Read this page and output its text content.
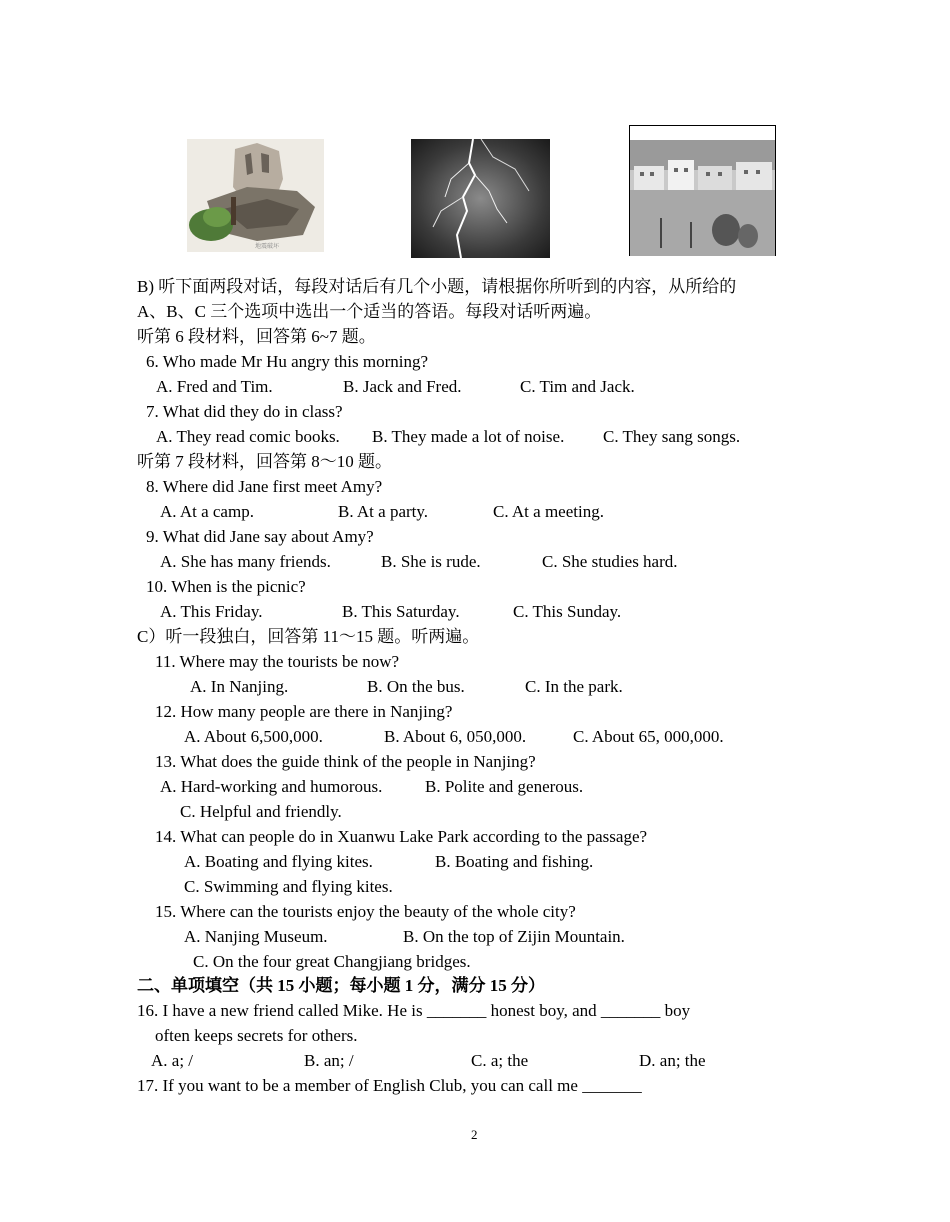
地震破坏
B) 听下面两段对话，每段对话后有几个小题，请根据你所听到的内容，从所给的
A、B、C 三个选项中选出一个适当的答语。每段对话听两遍。
听第 6 段材料，回答第 6~7 题。
6. Who made Mr Hu angry this morning?
A. Fred and Tim.	B. Jack and Fred.	C. Tim and Jack.
7. What did they do in class?
A. They read comic books. B. They made a lot of noise. C. They sang songs.
听第 7 段材料，回答第 8～10 题。
8. Where did Jane first meet Amy?
A. At a camp.	B. At a party.	C. At a meeting.
9. What did Jane say about Amy?
A. She has many friends.	B. She is rude.	C. She studies hard.
10. When is the picnic?
A. This Friday.	B. This Saturday.	C. This Sunday.
C）听一段独白，回答第 11～15 题。听两遍。
11. Where may the tourists be now?
A. In Nanjing.	B. On the bus.	C. In the park.
12. How many people are there in Nanjing?
A. About 6,500,000.	B. About 6, 050,000.	C. About 65, 000,000.
13. What does the guide think of the people in Nanjing?
A. Hard-working and humorous.	B. Polite and generous.
C. Helpful and friendly.
14. What can people do in Xuanwu Lake Park according to the passage?
A. Boating and flying kites.	B. Boating and fishing.
C. Swimming and flying kites.
15. Where can the tourists enjoy the beauty of the whole city?
A. Nanjing Museum.	B. On the top of Zijin Mountain.
C. On the four great Changjiang bridges.
二、单项填空（共 15 小题；每小题 1 分，满分 15 分）
16. I have a new friend called Mike. He is _______ honest boy, and _______ boy
often keeps secrets for others.
A. a; /	B. an; /	C. a; the	D. an; the
17. If you want to be a member of English Club, you can call me _______
2
